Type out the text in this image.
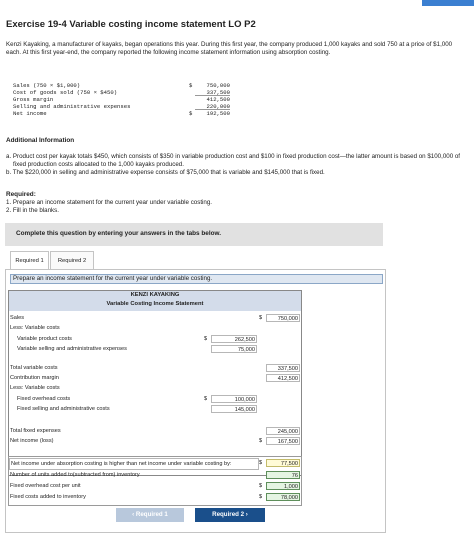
Exercise 19-4 Variable costing income statement LO P2
Kenzi Kayaking, a manufacturer of kayaks, began operations this year. During this first year, the company produced 1,000 kayaks and sold 750 at a price of $1,000 each. At this first year-end, the company reported the following income statement information using absorption costing.
Sales (750 × $1,000)	$	750,000
Cost of goods sold (750 × $450)	337,500
Gross margin	412,500
Selling and administrative expenses	220,000
Net income	$	192,500
Additional Information
a. Product cost per kayak totals $450, which consists of $350 in variable production cost and $100 in fixed production cost—the latter amount is based on $100,000 of fixed production costs allocated to the 1,000 kayaks produced.
b. The $220,000 in selling and administrative expense consists of $75,000 that is variable and $145,000 that is fixed.
Required:
1. Prepare an income statement for the current year under variable costing.
2. Fill in the blanks.
Complete this question by entering your answers in the tabs below.
Required 1	Required 2
Prepare an income statement for the current year under variable costing.
KENZI KAYAKING
Variable Costing Income Statement
Sales	$	750,000
Less: Variable costs
Variable product costs	$	262,500
Variable selling and administrative expenses	75,000
Total variable costs	337,500
Contribution margin	412,500
Less: Variable costs
Fixed overhead costs	$	100,000
Fixed selling and administrative costs	145,000
Total fixed expenses	245,000
Net income (loss)	$	167,500
Net income under absorption costing is higher than net income under variable costing by:	$	77,500
Number of units added to(subtracted from) inventory	76
Fixed overhead cost per unit	$	1,000
Fixed costs added to inventory	$	78,000
‹ Required 1	Required 2 ›
